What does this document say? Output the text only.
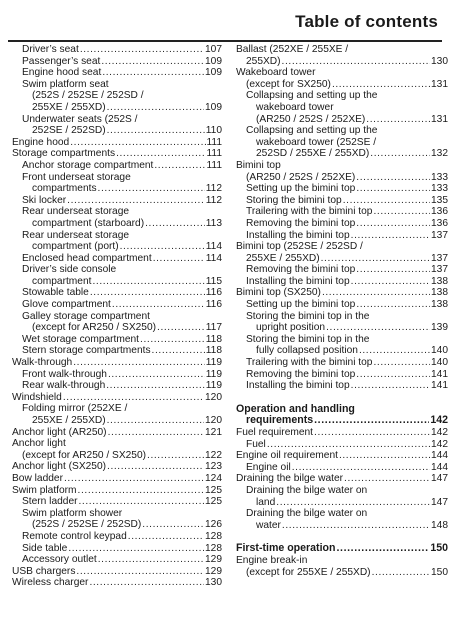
Table of contents
Driver’s seat .....	107
Passenger’s seat .....	109
Engine hood seat .....	109
Swim platform seat
(252S / 252SE / 252SD /
255XE / 255XD) .....	109
Underwater seats (252S /
252SE / 252SD) .....	110
Engine hood .....	111
Storage compartments .....	111
Anchor storage compartment .....	111
Front underseat storage
compartments .....	112
Ski locker .....	112
Rear underseat storage
compartment (starboard) .....	113
Rear underseat storage
compartment (port) .....	114
Enclosed head compartment .....	114
Driver’s side console
compartment .....	115
Stowable table .....	116
Glove compartment .....	116
Galley storage compartment
(except for AR250 / SX250) .....	117
Wet storage compartment .....	118
Stern storage compartments .....	118
Walk-through .....	119
Front walk-through .....	119
Rear walk-through .....	119
Windshield .....	120
Folding mirror (252XE /
255XE / 255XD) .....	120
Anchor light (AR250) .....	121
Anchor light
(except for AR250 / SX250) .....	122
Anchor light (SX250) .....	123
Bow ladder .....	124
Swim platform .....	125
Stern ladder .....	125
Swim platform shower
(252S / 252SE / 252SD) .....	126
Remote control keypad .....	128
Side table .....	128
Accessory outlet .....	129
USB chargers .....	129
Wireless charger .....	130
Ballast (252XE / 255XE /
255XD) .....	130
Wakeboard tower
(except for SX250) .....	131
Collapsing and setting up the
wakeboard tower
(AR250 / 252S / 252XE) .....	131
Collapsing and setting up the
wakeboard tower (252SE /
252SD / 255XE / 255XD) .....	132
Bimini top
(AR250 / 252S / 252XE) .....	133
Setting up the bimini top .....	133
Storing the bimini top .....	135
Trailering with the bimini top .....	136
Removing the bimini top .....	136
Installing the bimini top .....	137
Bimini top (252SE / 252SD /
255XE / 255XD) .....	137
Removing the bimini top .....	137
Installing the bimini top .....	138
Bimini top (SX250) .....	138
Setting up the bimini top .....	138
Storing the bimini top in the
upright position .....	139
Storing the bimini top in the
fully collapsed position .....	140
Trailering with the bimini top .....	140
Removing the bimini top .....	141
Installing the bimini top .....	141
Operation and handling
requirements .....	142
Fuel requirement .....	142
Fuel .....	142
Engine oil requirement .....	144
Engine oil .....	144
Draining the bilge water .....	147
Draining the bilge water on
land .....	147
Draining the bilge water on
water .....	148
First-time operation .....	150
Engine break-in
(except for 255XE / 255XD) .....	150
